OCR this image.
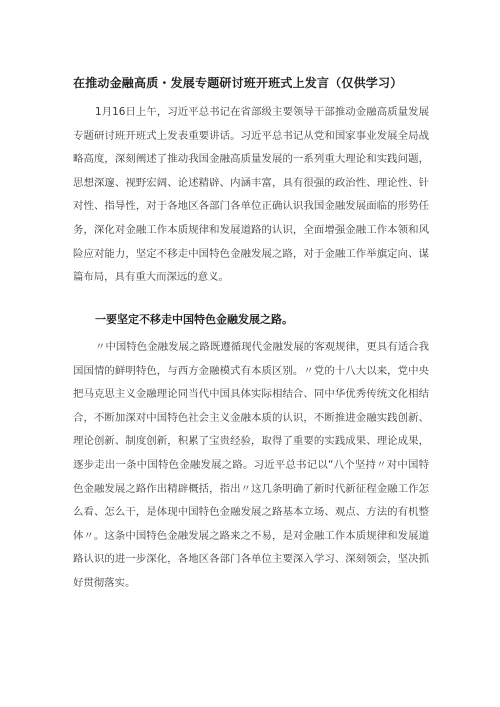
在推动金融高质・发展专题研讨班开班式上发言（仅供学习）

1月16日上午，习近平总书记在省部级主要领导干部推动金融高质量发展专题研讨班开班式上发表重要讲话。习近平总书记从党和国家事业发展全局战略高度，深刻阐述了推动我国金融高质量发展的一系列重大理论和实践问题，思想深邃、视野宏阔、论述精辟、内涵丰富，具有很强的政治性、理论性、针对性、指导性，对于各地区各部门各单位正确认识我国金融发展面临的形势任务，深化对金融工作本质规律和发展道路的认识，全面增强金融工作本领和风险应对能力，坚定不移走中国特色金融发展之路，对于金融工作举旗定向、谋篇布局，具有重大而深远的意义。

一要坚定不移走中国特色金融发展之路。

〃中国特色金融发展之路既遵循现代金融发展的客观规律，更具有适合我国国情的鲜明特色，与西方金融模式有本质区别。〃党的十八大以来，党中央把马克思主义金融理论同当代中国具体实际相结合、同中华优秀传统文化相结合，不断加深对中国特色社会主义金融本质的认识，不断推进金融实践创新、理论创新、制度创新，积累了宝贵经验，取得了重要的实践成果、理论成果，逐步走出一条中国特色金融发展之路。习近平总书记以“八个坚持〃对中国特色金融发展之路作出精辟概括，指出〃这几条明确了新时代新征程金融工作怎么看、怎么干，是体现中国特色金融发展之路基本立场、观点、方法的有机整体〃。这条中国特色金融发展之路来之不易，是对金融工作本质规律和发展道路认识的进一步深化，各地区各部门各单位主要深入学习、深刻领会，坚决抓好贯彻落实。
